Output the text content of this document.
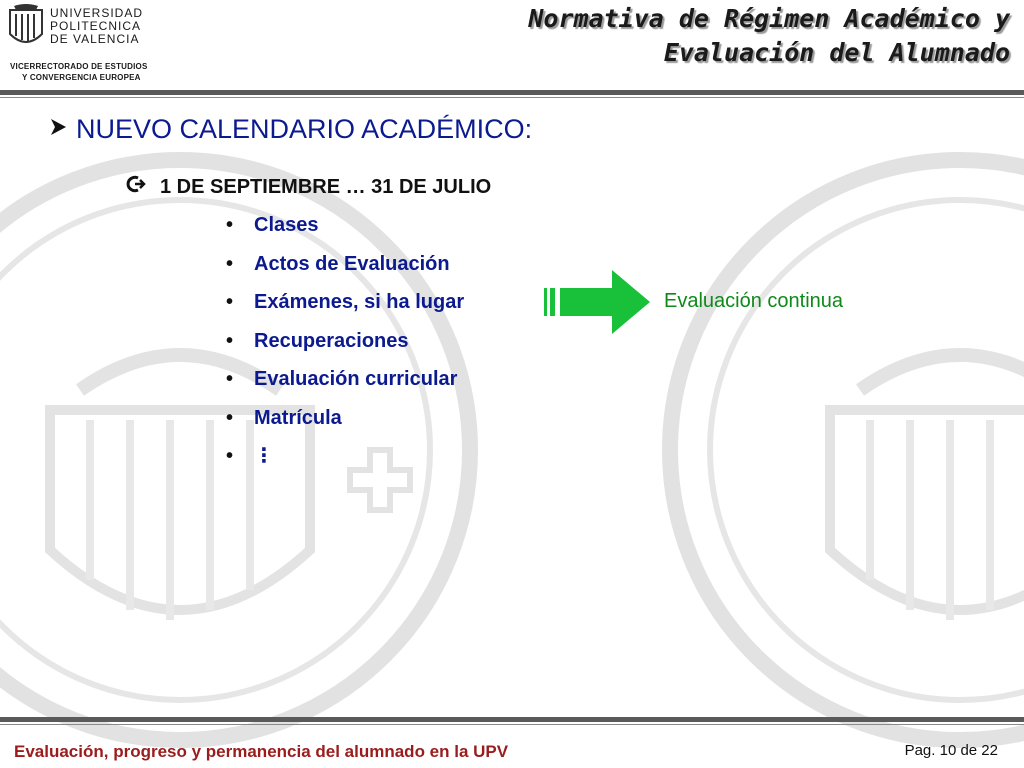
UNIVERSIDAD
POLITECNICA
DE VALENCIA
VICERRECTORADO DE ESTUDIOS
Y CONVERGENCIA EUROPEA
Normativa de Régimen Académico y
Evaluación del Alumnado
NUEVO CALENDARIO ACADÉMICO:
1 DE SEPTIEMBRE … 31 DE JULIO
• Clases
• Actos de Evaluación
• Exámenes, si ha lugar
• Recuperaciones
• Evaluación curricular
• Matrícula
• ⋮
Evaluación continua
Evaluación, progreso y permanencia del alumnado en la UPV	Pag. 10 de 22
